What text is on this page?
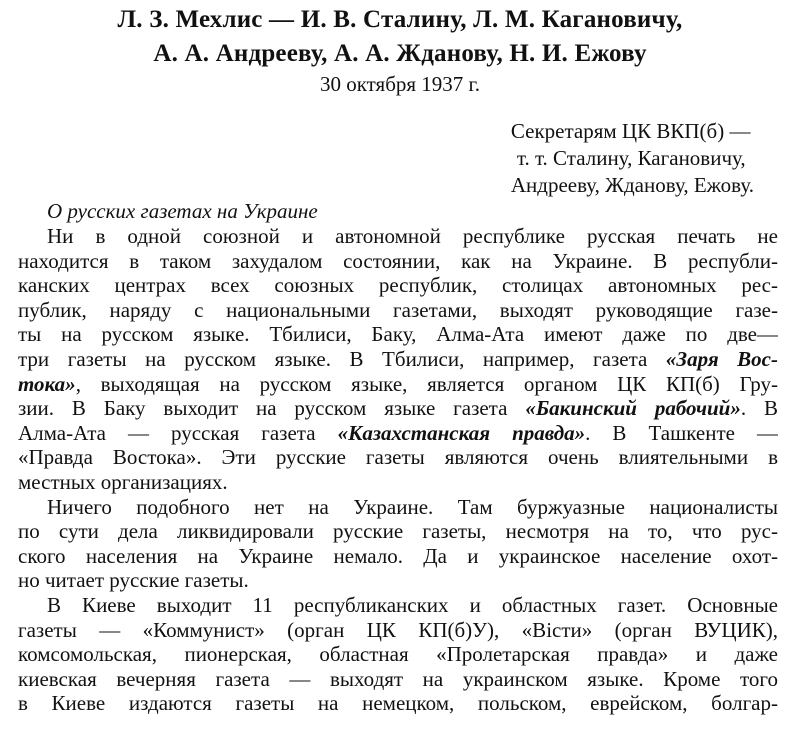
Л. З. Мехлис — И. В. Сталину, Л. М. Кагановичу,
А. А. Андрееву, А. А. Жданову, Н. И. Ежову
30 октября 1937 г.
Секретарям ЦК ВКП(б) —
т. т. Сталину, Кагановичу,
Андрееву, Жданову, Ежову.
О русских газетах на Украине
Ни в одной союзной и автономной республике русская печать не
находится в таком захудалом состоянии, как на Украине. В республи-
канских центрах всех союзных республик, столицах автономных рес-
публик, наряду с национальными газетами, выходят руководящие газе-
ты на русском языке. Тбилиси, Баку, Алма-Ата имеют даже по две—
три газеты на русском языке. В Тбилиси, например, газета «Заря Вос-
тока», выходящая на русском языке, является органом ЦК КП(б) Гру-
зии. В Баку выходит на русском языке газета «Бакинский рабочий». В
Алма-Ата — русская газета «Казахстанская правда». В Ташкенте —
«Правда Востока». Эти русские газеты являются очень влиятельными в
местных организациях.
Ничего подобного нет на Украине. Там буржуазные националисты
по сути дела ликвидировали русские газеты, несмотря на то, что рус-
ского населения на Украине немало. Да и украинское население охот-
но читает русские газеты.
В Киеве выходит 11 республиканских и областных газет. Основные
газеты — «Коммунист» (орган ЦК КП(б)У), «Вісти» (орган ВУЦИК),
комсомольская, пионерская, областная «Пролетарская правда» и даже
киевская вечерняя газета — выходят на украинском языке. Кроме того
в Киеве издаются газеты на немецком, польском, еврейском, болгар-
